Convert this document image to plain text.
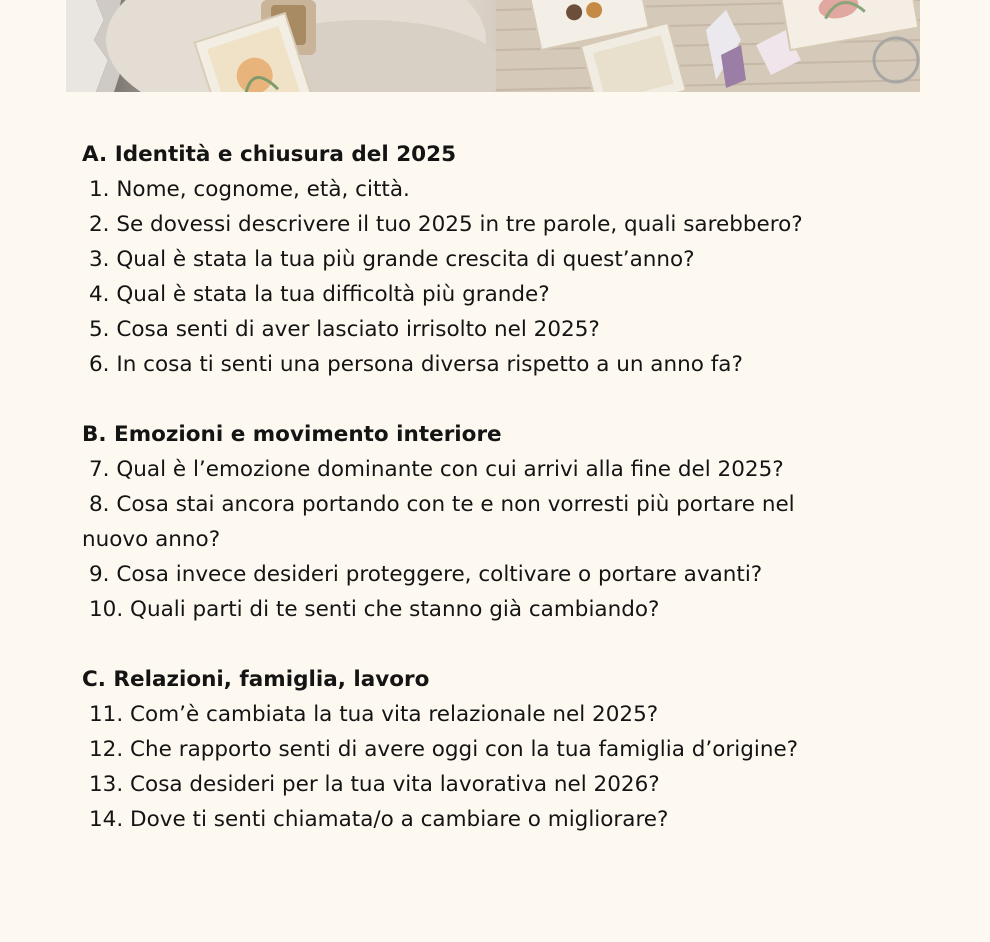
A. Identità e chiusura del 2025

1. Nome, cognome, età, città.

2. Se dovessi descrivere il tuo 2025 in tre parole, quali sarebbero?

3. Qual è stata la tua più grande crescita di quest’anno?

4. Qual è stata la tua difficoltà più grande?

5. Cosa senti di aver lasciato irrisolto nel 2025?

6. In cosa ti senti una persona diversa rispetto a un anno fa?

B. Emozioni e movimento interiore

7. Qual è l’emozione dominante con cui arrivi alla fine del 2025?

8. Cosa stai ancora portando con te e non vorresti più portare nel

nuovo anno?

9. Cosa invece desideri proteggere, coltivare o portare avanti?

10. Quali parti di te senti che stanno già cambiando?

C. Relazioni, famiglia, lavoro

11. Com’è cambiata la tua vita relazionale nel 2025?

12. Che rapporto senti di avere oggi con la tua famiglia d’origine?

13. Cosa desideri per la tua vita lavorativa nel 2026?

14. Dove ti senti chiamata/o a cambiare o migliorare?
